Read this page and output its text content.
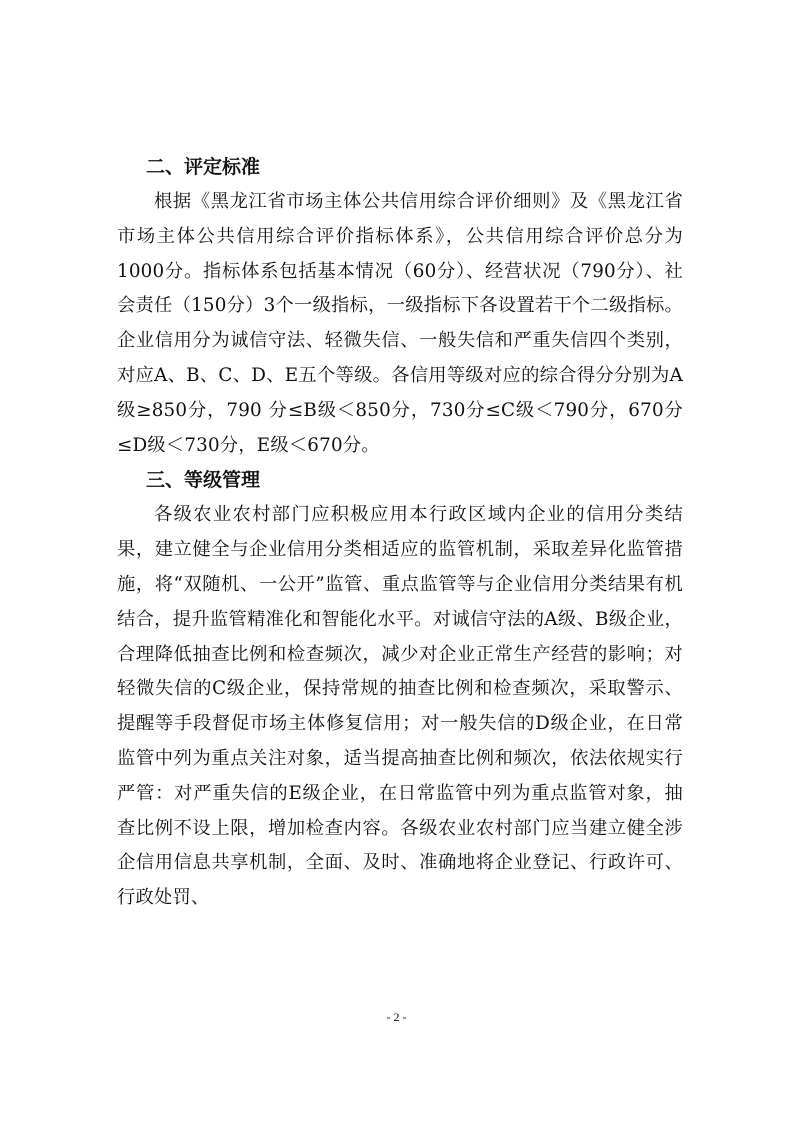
二、评定标准

根据《黑龙江省市场主体公共信用综合评价细则》及《黑龙江省市场主体公共信用综合评价指标体系》，公共信用综合评价总分为1000分。指标体系包括基本情况（60分）、经营状况（790分）、社会责任（150分）3个一级指标，一级指标下各设置若干个二级指标。企业信用分为诚信守法、轻微失信、一般失信和严重失信四个类别，对应A、B、C、D、E五个等级。各信用等级对应的综合得分分别为A级≥850分，790 分≤B级＜850分，730分≤C级＜790分，670分≤D级＜730分，E级＜670分。

三、等级管理

各级农业农村部门应积极应用本行政区域内企业的信用分类结果，建立健全与企业信用分类相适应的监管机制，采取差异化监管措施，将“双随机、一公开”监管、重点监管等与企业信用分类结果有机结合，提升监管精准化和智能化水平。对诚信守法的A级、B级企业，合理降低抽查比例和检查频次，减少对企业正常生产经营的影响；对轻微失信的C级企业，保持常规的抽查比例和检查频次，采取警示、提醒等手段督促市场主体修复信用；对一般失信的D级企业，在日常监管中列为重点关注对象，适当提高抽查比例和频次，依法依规实行严管：对严重失信的E级企业，在日常监管中列为重点监管对象，抽查比例不设上限，增加检查内容。各级农业农村部门应当建立健全涉企信用信息共享机制，全面、及时、准确地将企业登记、行政许可、行政处罚、

- 2 -
